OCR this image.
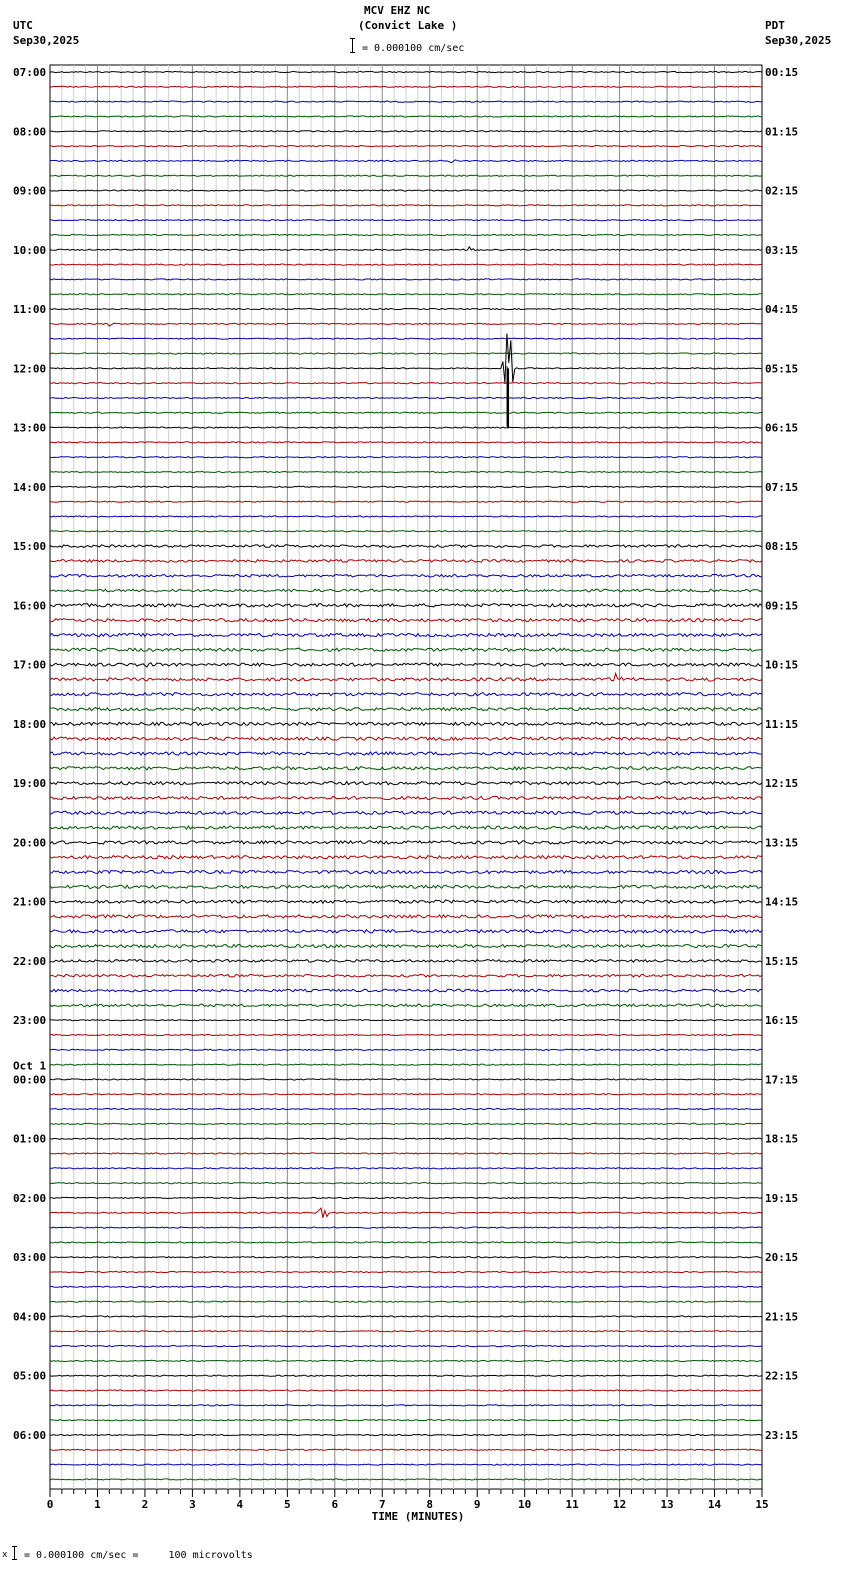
MCV EHZ NC
(Convict Lake )
UTC
Sep30,2025
PDT
Sep30,2025
= 0.000100 cm/sec
07:00
08:00
09:00
10:00
11:00
12:00
13:00
14:00
15:00
16:00
17:00
18:00
19:00
20:00
21:00
22:00
23:00
00:00
01:00
02:00
03:00
04:00
05:00
06:00
00:15
01:15
02:15
03:15
04:15
05:15
06:15
07:15
08:15
09:15
10:15
11:15
12:15
13:15
14:15
15:15
16:15
17:15
18:15
19:15
20:15
21:15
22:15
23:15
Oct 1
0	1	2	3	4	5	6	7	8	9	10	11	12	13	14	15
TIME (MINUTES)
x = 0.000100 cm/sec =     100 microvolts
